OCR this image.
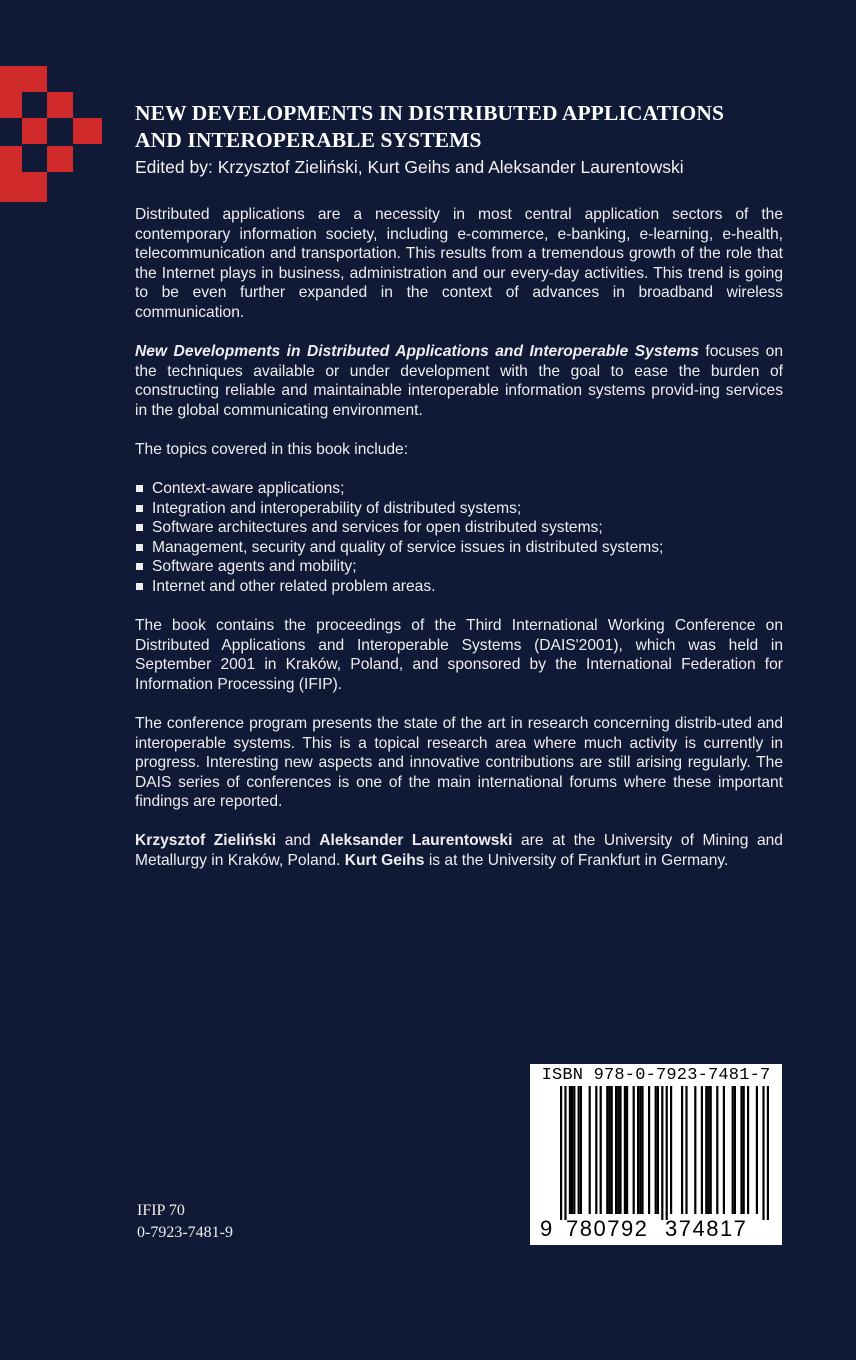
NEW DEVELOPMENTS IN DISTRIBUTED APPLICATIONS
AND INTEROPERABLE SYSTEMS
Edited by: Krzysztof Zieliński, Kurt Geihs and Aleksander Laurentowski

Distributed applications are a necessity in most central application sectors of the contemporary information society, including e-commerce, e-banking, e-learning, e-health, telecommunication and transportation. This results from a tremendous growth of the role that the Internet plays in business, administration and our every-day activities. This trend is going to be even further expanded in the context of advances in broadband wireless communication.

New Developments in Distributed Applications and Interoperable Systems focuses on the techniques available or under development with the goal to ease the burden of constructing reliable and maintainable interoperable information systems provid-ing services in the global communicating environment.

The topics covered in this book include:

Context-aware applications;
Integration and interoperability of distributed systems;
Software architectures and services for open distributed systems;
Management, security and quality of service issues in distributed systems;
Software agents and mobility;
Internet and other related problem areas.

The book contains the proceedings of the Third International Working Conference on Distributed Applications and Interoperable Systems (DAIS'2001), which was held in September 2001 in Kraków, Poland, and sponsored by the International Federation for Information Processing (IFIP).

The conference program presents the state of the art in research concerning distrib-uted and interoperable systems. This is a topical research area where much activity is currently in progress. Interesting new aspects and innovative contributions are still arising regularly. The DAIS series of conferences is one of the main international forums where these important findings are reported.

Krzysztof Zieliński and Aleksander Laurentowski are at the University of Mining and Metallurgy in Kraków, Poland. Kurt Geihs is at the University of Frankfurt in Germany.

IFIP 70
0-7923-7481-9
ISBN 978-0-7923-7481-7
9 780792 374817
